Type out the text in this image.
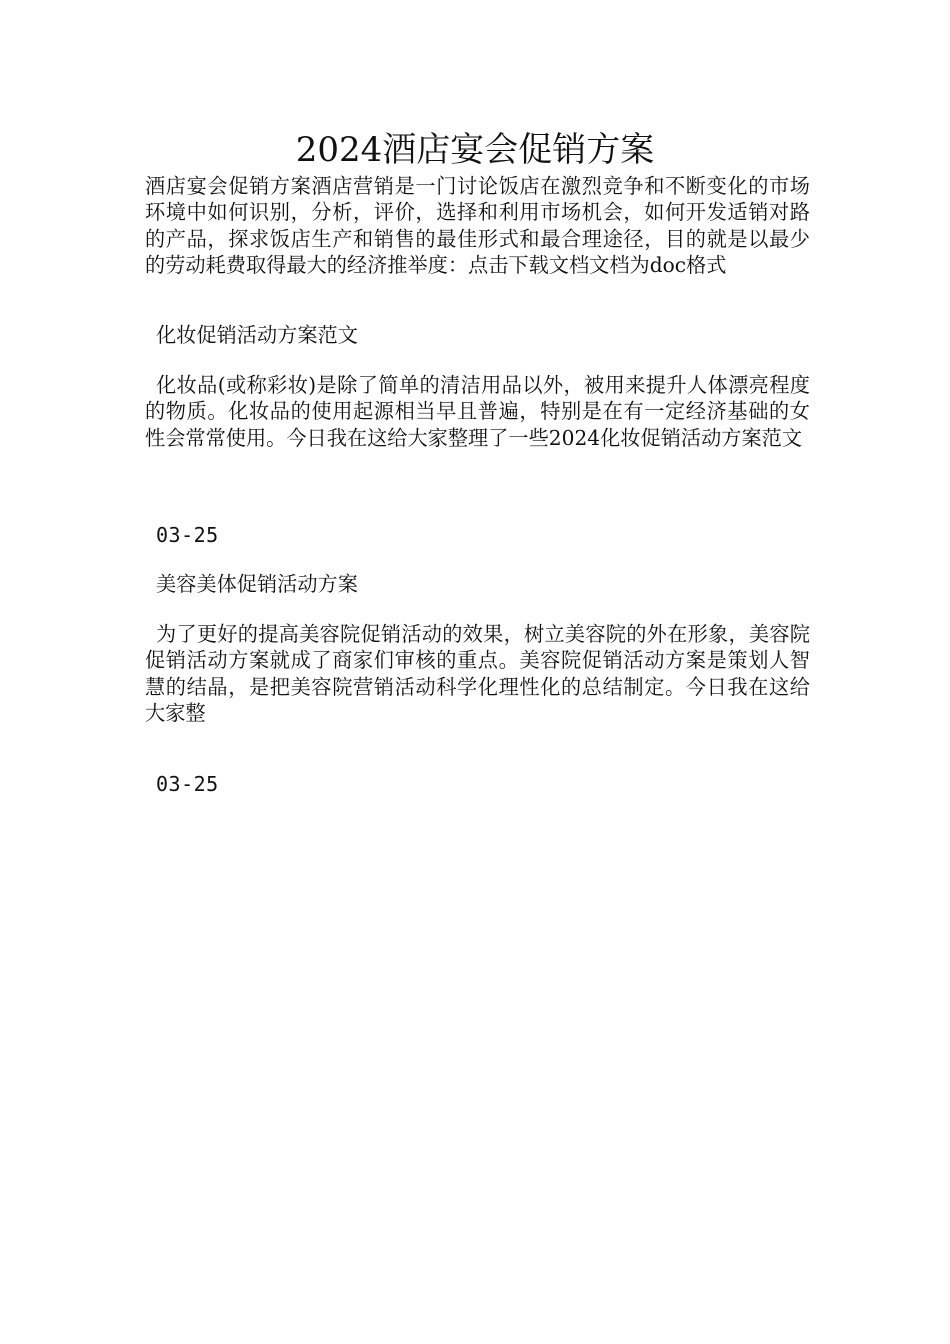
2024酒店宴会促销方案

酒店宴会促销方案酒店营销是一门讨论饭店在激烈竞争和不断变化的市场环境中如何识别，分析，评价，选择和利用市场机会，如何开发适销对路的产品，探求饭店生产和销售的最佳形式和最合理途径，目的就是以最少的劳动耗费取得最大的经济推举度：点击下载文档文档为doc格式

化妆促销活动方案范文

化妆品(或称彩妆)是除了简单的清洁用品以外，被用来提升人体漂亮程度的物质。化妆品的使用起源相当早且普遍，特别是在有一定经济基础的女性会常常使用。今日我在这给大家整理了一些2024化妆促销活动方案范文

03-25

美容美体促销活动方案

为了更好的提高美容院促销活动的效果，树立美容院的外在形象，美容院促销活动方案就成了商家们审核的重点。美容院促销活动方案是策划人智慧的结晶，是把美容院营销活动科学化理性化的总结制定。今日我在这给大家整

03-25
